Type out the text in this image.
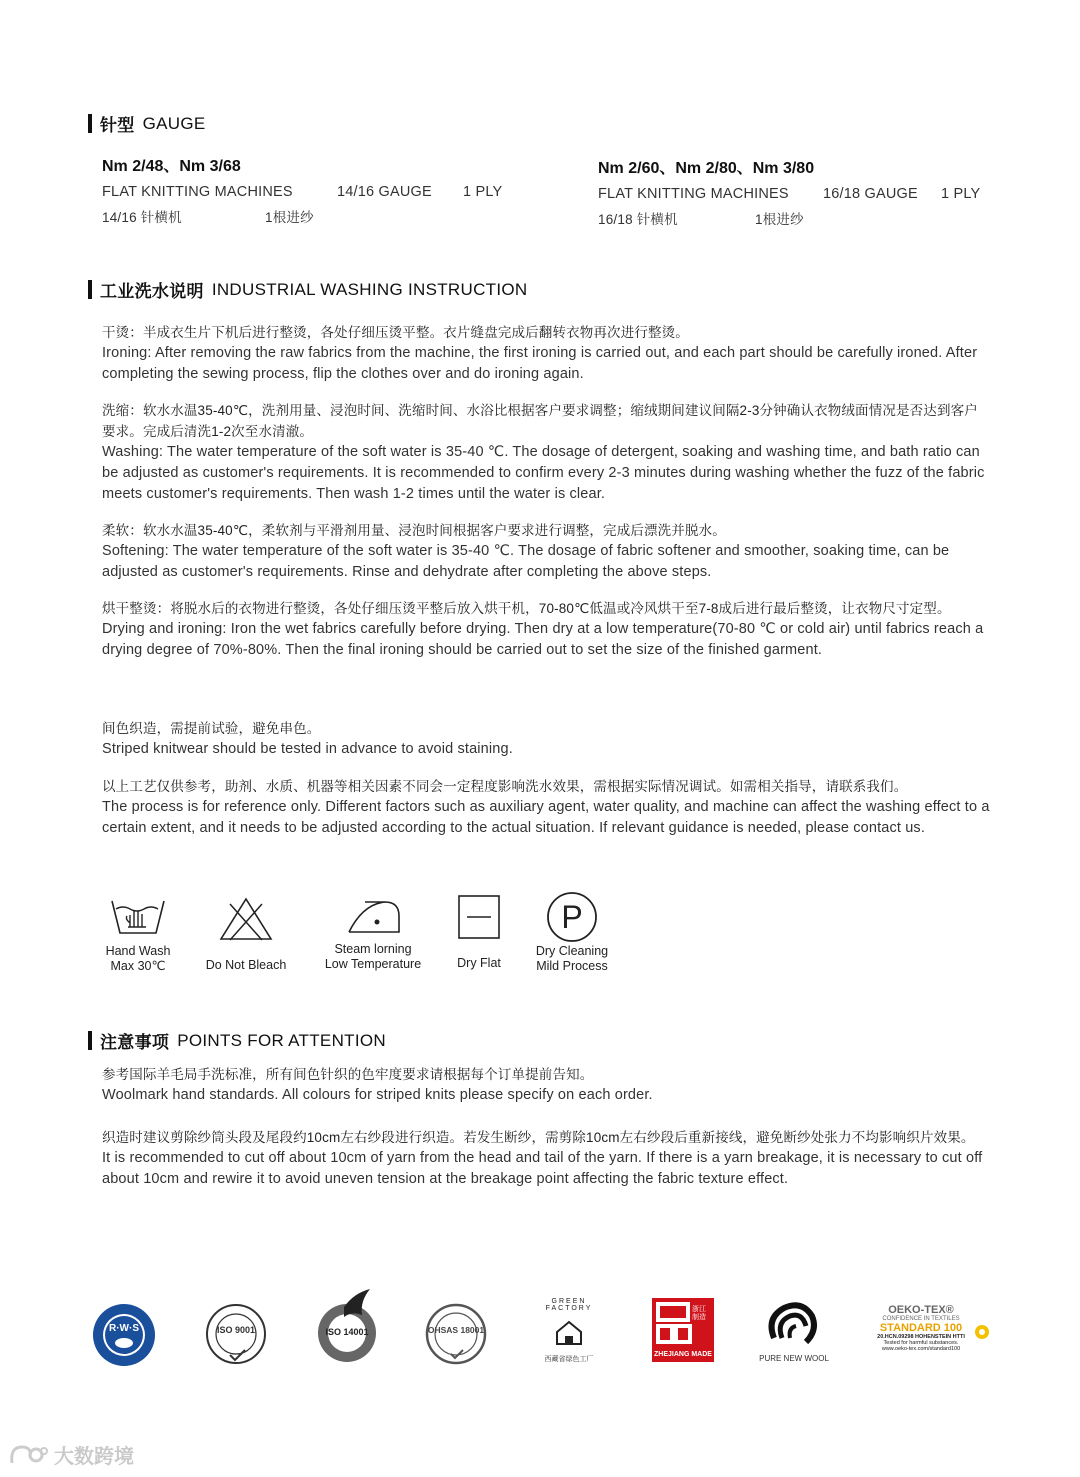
针型 GAUGE
Nm 2/48、Nm 3/68
FLAT KNITTING MACHINES	14/16 GAUGE 1 PLY
14/16 针横机	1根进纱
Nm 2/60、Nm 2/80、Nm 3/80
FLAT KNITTING MACHINES 16/18 GAUGE 1 PLY
16/18 针横机	1根进纱
工业洗水说明 INDUSTRIAL WASHING INSTRUCTION
干烫：半成衣生片下机后进行整烫，各处仔细压烫平整。衣片缝盘完成后翻转衣物再次进行整烫。
Ironing: After removing the raw fabrics from the machine, the first ironing is carried out, and each part should be carefully ironed. After completing the sewing process, flip the clothes over and do ironing again.
洗缩：软水水温35-40℃，洗剂用量、浸泡时间、洗缩时间、水浴比根据客户要求调整；缩绒期间建议间隔2-3分钟确认衣物绒面情况是否达到客户要求。完成后清洗1-2次至水清澈。
Washing: The water temperature of the soft water is 35-40 ℃. The dosage of detergent, soaking and washing time, and bath ratio can be adjusted as customer's requirements. It is recommended to confirm every 2-3 minutes during washing whether the fuzz of the fabric meets customer's requirements. Then wash 1-2 times until the water is clear.
柔软：软水水温35-40℃，柔软剂与平滑剂用量、浸泡时间根据客户要求进行调整，完成后漂洗并脱水。
Softening: The water temperature of the soft water is 35-40 ℃. The dosage of fabric softener and smoother, soaking time, can be adjusted as customer's requirements. Rinse and dehydrate after completing the above steps.
烘干整烫：将脱水后的衣物进行整烫，各处仔细压烫平整后放入烘干机，70-80℃低温或冷风烘干至7-8成后进行最后整烫，让衣物尺寸定型。
Drying and ironing: Iron the wet fabrics carefully before drying. Then dry at a low temperature(70-80 ℃ or cold air) until fabrics reach a drying degree of 70%-80%. Then the final ironing should be carried out to set the size of the finished garment.
间色织造，需提前试验，避免串色。
Striped knitwear should be tested in advance to avoid staining.
以上工艺仅供参考，助剂、水质、机器等相关因素不同会一定程度影响洗水效果，需根据实际情况调试。如需相关指导，请联系我们。
The process is for reference only. Different factors such as auxiliary agent, water quality, and machine can affect the washing effect to a certain extent, and it needs to be adjusted according to the actual situation. If relevant guidance is needed, please contact us.
Hand Wash
Max 30℃	Do Not Bleach
Steam lorning
Low Temperature	Dry Flat
P
Dry Cleaning
Mild Process
注意事项 POINTS FOR ATTENTION
参考国际羊毛局手洗标准，所有间色针织的色牢度要求请根据每个订单提前告知。
Woolmark hand standards. All colours for striped knits please specify on each order.
织造时建议剪除纱筒头段及尾段约10cm左右纱段进行织造。若发生断纱，需剪除10cm左右纱段后重新接线，避免断纱处张力不均影响织片效果。
It is recommended to cut off about 10cm of yarn from the head and tail of the yarn. If there is a yarn breakage, it is necessary to cut off about 10cm and rewire it to avoid uneven tension at the breakage point affecting the fabric texture effect.
R·W·S	ISO 9001	ISO 14001	OHSAS 18001
GREEN FACTORY
西藏省绿色工厂
浙江制造
ZHEJIANG MADE	PURE NEW WOOL
OEKO-TEX®
CONFIDENCE IN TEXTILES
STANDARD 100
20.HCN.09298 HOHENSTEIN HTTI
Tested for harmful substances.
www.oeko-tex.com/standard100
大数跨境
